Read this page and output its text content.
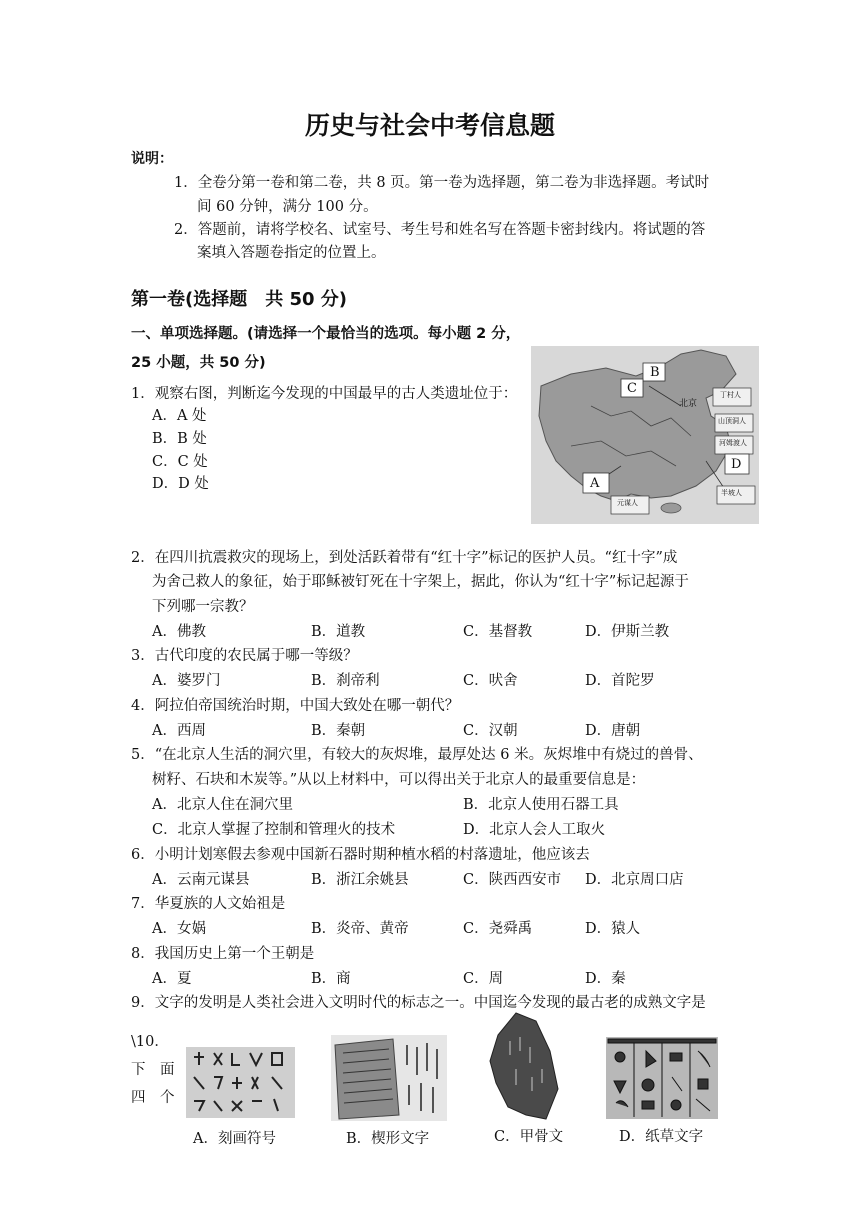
历史与社会中考信息题
说明：
1．全卷分第一卷和第二卷，共 8 页。第一卷为选择题，第二卷为非选择题。考试时
间 60 分钟，满分 100 分。
2．答题前，请将学校名、试室号、考生号和姓名写在答题卡密封线内。将试题的答
案填入答题卷指定的位置上。
第一卷(选择题　共 50 分)
一、单项选择题。(请选择一个最恰当的选项。每小题 2 分，
25 小题，共 50 分)
1．观察右图，判断迄今发现的中国最早的古人类遗址位于：
A．A 处
B．B 处
C．C 处
D．D 处
B
C
D
A
北京
丁村人
山顶洞人
河姆渡人
元谋人
半坡人
2．在四川抗震救灾的现场上，到处活跃着带有“红十字”标记的医护人员。“红十字”成
为舍己救人的象征，始于耶稣被钉死在十字架上，据此，你认为“红十字”标记起源于
下列哪一宗教？
A．佛教	B．道教	C．基督教	D．伊斯兰教
3．古代印度的农民属于哪一等级？
A．婆罗门	B．刹帝利	C．吠舍	D．首陀罗
4．阿拉伯帝国统治时期，中国大致处在哪一朝代？
A．西周	B．秦朝	C．汉朝	D．唐朝
5．“在北京人生活的洞穴里，有较大的灰烬堆，最厚处达 6 米。灰烬堆中有烧过的兽骨、
树籽、石块和木炭等。”从以上材料中，可以得出关于北京人的最重要信息是：
A．北京人住在洞穴里	B．北京人使用石器工具
C．北京人掌握了控制和管理火的技术	D．北京人会人工取火
6．小明计划寒假去参观中国新石器时期种植水稻的村落遗址，他应该去
A．云南元谋县	B．浙江余姚县	C．陕西西安市 D．北京周口店
7．华夏族的人文始祖是
A．女娲	B．炎帝、黄帝	C．尧舜禹	D．猿人
8．我国历史上第一个王朝是
A．夏	B．商	C．周	D．秦
9．文字的发明是人类社会进入文明时代的标志之一。中国迄今发现的最古老的成熟文字是
\10．
下　面
四　个
A．刻画符号	B．楔形文字	C．甲骨文	D．纸草文字
